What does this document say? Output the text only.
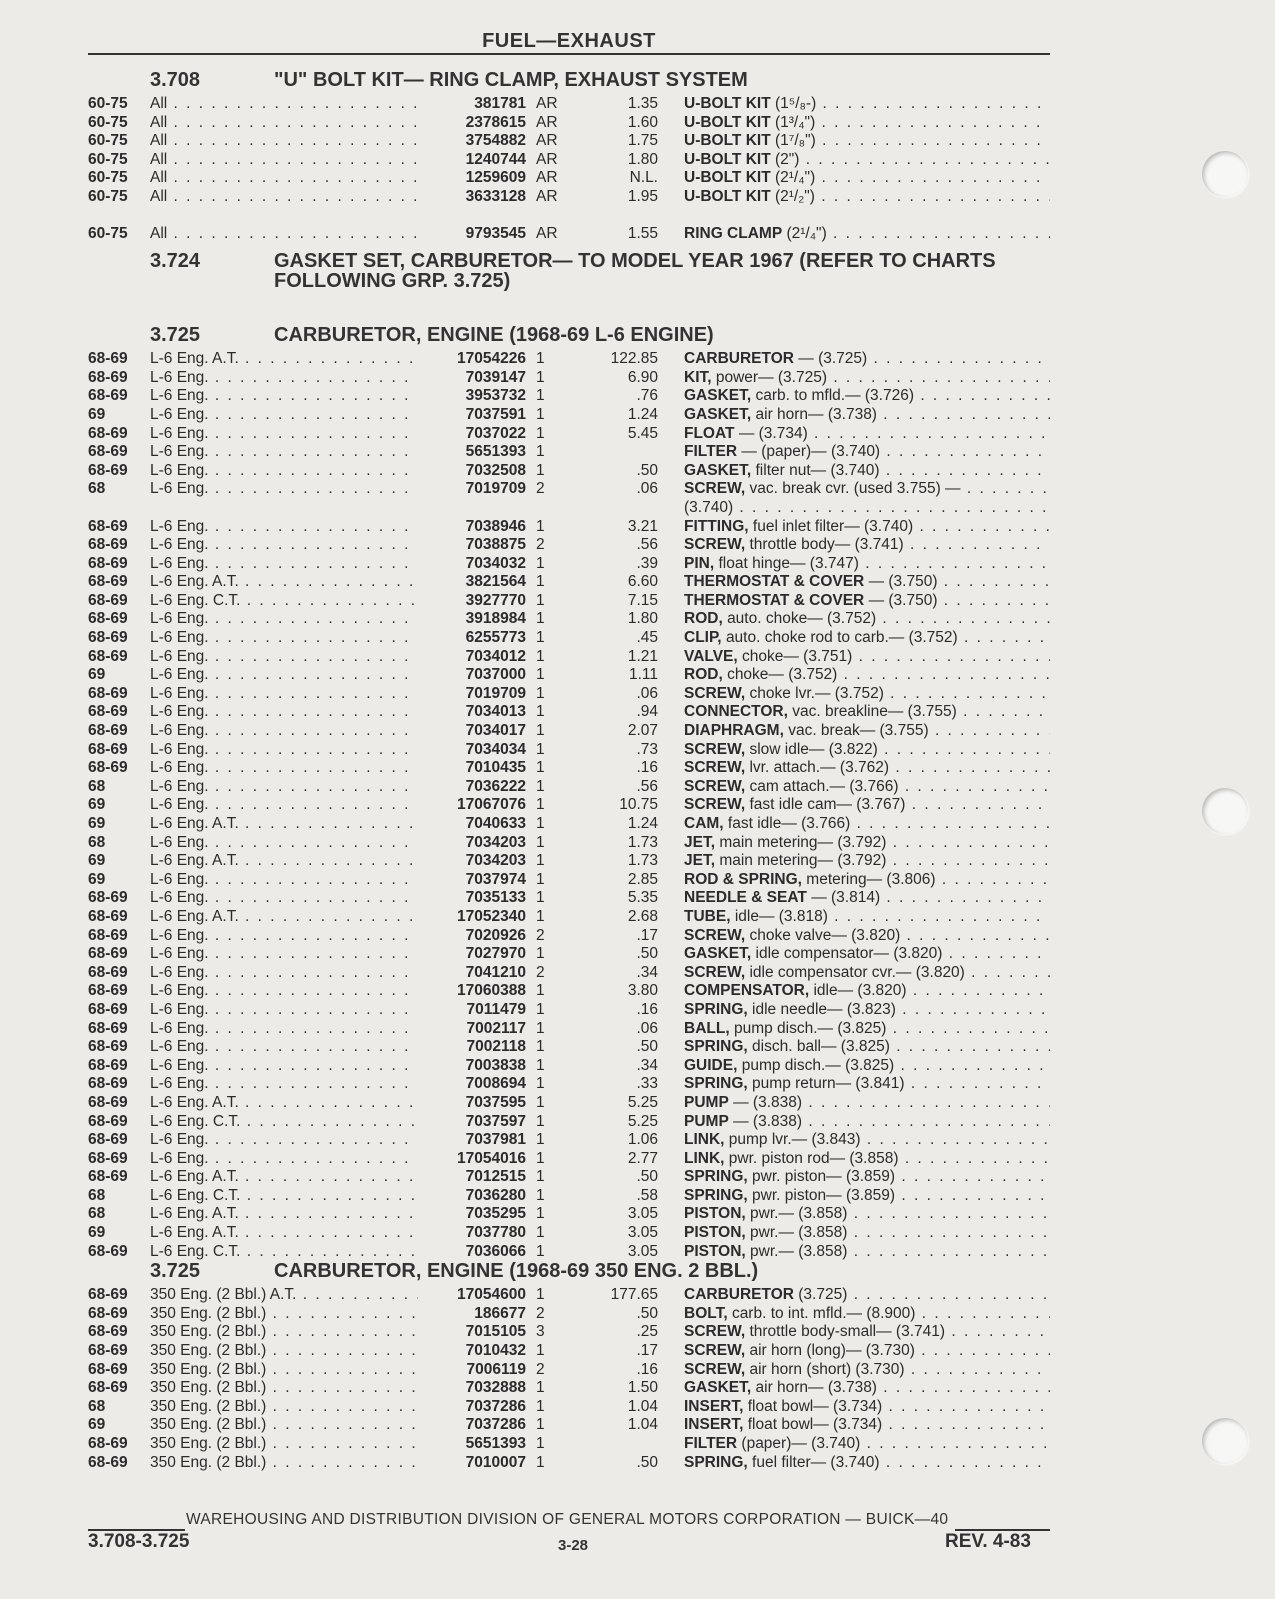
FUEL—EXHAUST
3.708	"U" BOLT KIT— RING CLAMP, EXHAUST SYSTEM
60-75 All . . .	381781 AR	1.35 U-BOLT KIT (1⁵/₈-) . . .
60-75 All . . .	2378615 AR	1.60 U-BOLT KIT (1³/₄") . . .
60-75 All . . .	3754882 AR	1.75 U-BOLT KIT (1⁷/₈") . . .
60-75 All . . .	1240744 AR	1.80 U-BOLT KIT (2") . . .
60-75 All . . .	1259609 AR	N.L. U-BOLT KIT (2¹/₄") . . .
60-75 All . . .	3633128 AR	1.95 U-BOLT KIT (2¹/₂") . . .
60-75 All . . .	9793545 AR	1.55 RING CLAMP (2¹/₄") . . .
3.724	GASKET SET, CARBURETOR— TO MODEL YEAR 1967 (REFER TO CHARTS FOLLOWING GRP. 3.725)
3.725	CARBURETOR, ENGINE (1968-69 L-6 ENGINE)
68-69 L-6 Eng. A.T. . . .	17054226 1	122.85 CARBURETOR — (3.725) . . .
68-69 L-6 Eng. . . .	7039147 1	6.90 KIT, power— (3.725) . . .
68-69 L-6 Eng. . . .	3953732 1	.76 GASKET, carb. to mfld.— (3.726) . . .
69	L-6 Eng. . . .	7037591 1	1.24 GASKET, air horn— (3.738) . . .
68-69 L-6 Eng. . . .	7037022 1	5.45 FLOAT — (3.734) . . .
68-69 L-6 Eng. . . .	5651393 1	FILTER — (paper)— (3.740) . . .
68-69 L-6 Eng. . . .	7032508 1	.50 GASKET, filter nut— (3.740) . . .
68	L-6 Eng. . . .	7019709 2	.06 SCREW, vac. break cvr. (used 3.755) — . . .
(3.740) . . .
68-69 L-6 Eng. . . .	7038946 1	3.21 FITTING, fuel inlet filter— (3.740) . . .
68-69 L-6 Eng. . . .	7038875 2	.56 SCREW, throttle body— (3.741) . . .
68-69 L-6 Eng. . . .	7034032 1	.39 PIN, float hinge— (3.747) . . .
68-69 L-6 Eng. A.T. . . .	3821564 1	6.60 THERMOSTAT & COVER — (3.750) . . .
68-69 L-6 Eng. C.T. . . .	3927770 1	7.15 THERMOSTAT & COVER — (3.750) . . .
68-69 L-6 Eng. . . .	3918984 1	1.80 ROD, auto. choke— (3.752) . . .
68-69 L-6 Eng. . . .	6255773 1	.45 CLIP, auto. choke rod to carb.— (3.752) . . .
68-69 L-6 Eng. . . .	7034012 1	1.21 VALVE, choke— (3.751) . . .
69	L-6 Eng. . . .	7037000 1	1.11 ROD, choke— (3.752) . . .
68-69 L-6 Eng. . . .	7019709 1	.06 SCREW, choke lvr.— (3.752) . . .
68-69 L-6 Eng. . . .	7034013 1	.94 CONNECTOR, vac. breakline— (3.755) . . .
68-69 L-6 Eng. . . .	7034017 1	2.07 DIAPHRAGM, vac. break— (3.755) . . .
68-69 L-6 Eng. . . .	7034034 1	.73 SCREW, slow idle— (3.822) . . .
68-69 L-6 Eng. . . .	7010435 1	.16 SCREW, lvr. attach.— (3.762) . . .
68	L-6 Eng. . . .	7036222 1	.56 SCREW, cam attach.— (3.766) . . .
69	L-6 Eng. . . .	17067076 1	10.75 SCREW, fast idle cam— (3.767) . . .
69	L-6 Eng. A.T. . . .	7040633 1	1.24 CAM, fast idle— (3.766) . . .
68	L-6 Eng. . . .	7034203 1	1.73 JET, main metering— (3.792) . . .
69	L-6 Eng. A.T. . . .	7034203 1	1.73 JET, main metering— (3.792) . . .
69	L-6 Eng. . . .	7037974 1	2.85 ROD & SPRING, metering— (3.806) . . .
68-69 L-6 Eng. . . .	7035133 1	5.35 NEEDLE & SEAT — (3.814) . . .
68-69 L-6 Eng. A.T. . . .	17052340 1	2.68 TUBE, idle— (3.818) . . .
68-69 L-6 Eng. . . .	7020926 2	.17 SCREW, choke valve— (3.820) . . .
68-69 L-6 Eng. . . .	7027970 1	.50 GASKET, idle compensator— (3.820) . . .
68-69 L-6 Eng. . . .	7041210 2	.34 SCREW, idle compensator cvr.— (3.820) . . .
68-69 L-6 Eng. . . .	17060388 1	3.80 COMPENSATOR, idle— (3.820) . . .
68-69 L-6 Eng. . . .	7011479 1	.16 SPRING, idle needle— (3.823) . . .
68-69 L-6 Eng. . . .	7002117 1	.06 BALL, pump disch.— (3.825) . . .
68-69 L-6 Eng. . . .	7002118 1	.50 SPRING, disch. ball— (3.825) . . .
68-69 L-6 Eng. . . .	7003838 1	.34 GUIDE, pump disch.— (3.825) . . .
68-69 L-6 Eng. . . .	7008694 1	.33 SPRING, pump return— (3.841) . . .
68-69 L-6 Eng. A.T. . . .	7037595 1	5.25 PUMP — (3.838) . . .
68-69 L-6 Eng. C.T. . . .	7037597 1	5.25 PUMP — (3.838) . . .
68-69 L-6 Eng. . . .	7037981 1	1.06 LINK, pump lvr.— (3.843) . . .
68-69 L-6 Eng. . . .	17054016 1	2.77 LINK, pwr. piston rod— (3.858) . . .
68-69 L-6 Eng. A.T. . . .	7012515 1	.50 SPRING, pwr. piston— (3.859) . . .
68	L-6 Eng. C.T. . . .	7036280 1	.58 SPRING, pwr. piston— (3.859) . . .
68	L-6 Eng. A.T. . . .	7035295 1	3.05 PISTON, pwr.— (3.858) . . .
69	L-6 Eng. A.T. . . .	7037780 1	3.05 PISTON, pwr.— (3.858) . . .
68-69 L-6 Eng. C.T. . . .	7036066 1	3.05 PISTON, pwr.— (3.858) . . .
3.725	CARBURETOR, ENGINE (1968-69 350 ENG. 2 BBL.)
68-69 350 Eng. (2 Bbl.) A.T. . . .	17054600 1	177.65 CARBURETOR (3.725) . . .
68-69 350 Eng. (2 Bbl.) . . .	186677 2	.50 BOLT, carb. to int. mfld.— (8.900) . . .
68-69 350 Eng. (2 Bbl.) . . .	7015105 3	.25 SCREW, throttle body-small— (3.741) . . .
68-69 350 Eng. (2 Bbl.) . . .	7010432 1	.17 SCREW, air horn (long)— (3.730) . . .
68-69 350 Eng. (2 Bbl.) . . .	7006119 2	.16 SCREW, air horn (short) (3.730) . . .
68-69 350 Eng. (2 Bbl.) . . .	7032888 1	1.50 GASKET, air horn— (3.738) . . .
68	350 Eng. (2 Bbl.) . . .	7037286 1	1.04 INSERT, float bowl— (3.734) . . .
69	350 Eng. (2 Bbl.) . . .	7037286 1	1.04 INSERT, float bowl— (3.734) . . .
68-69 350 Eng. (2 Bbl.) . . .	5651393 1	FILTER (paper)— (3.740) . . .
68-69 350 Eng. (2 Bbl.) . . .	7010007 1	.50 SPRING, fuel filter— (3.740) . . .
WAREHOUSING AND DISTRIBUTION DIVISION OF GENERAL MOTORS CORPORATION — BUICK—40
3.708-3.725	3-28	REV. 4-83
